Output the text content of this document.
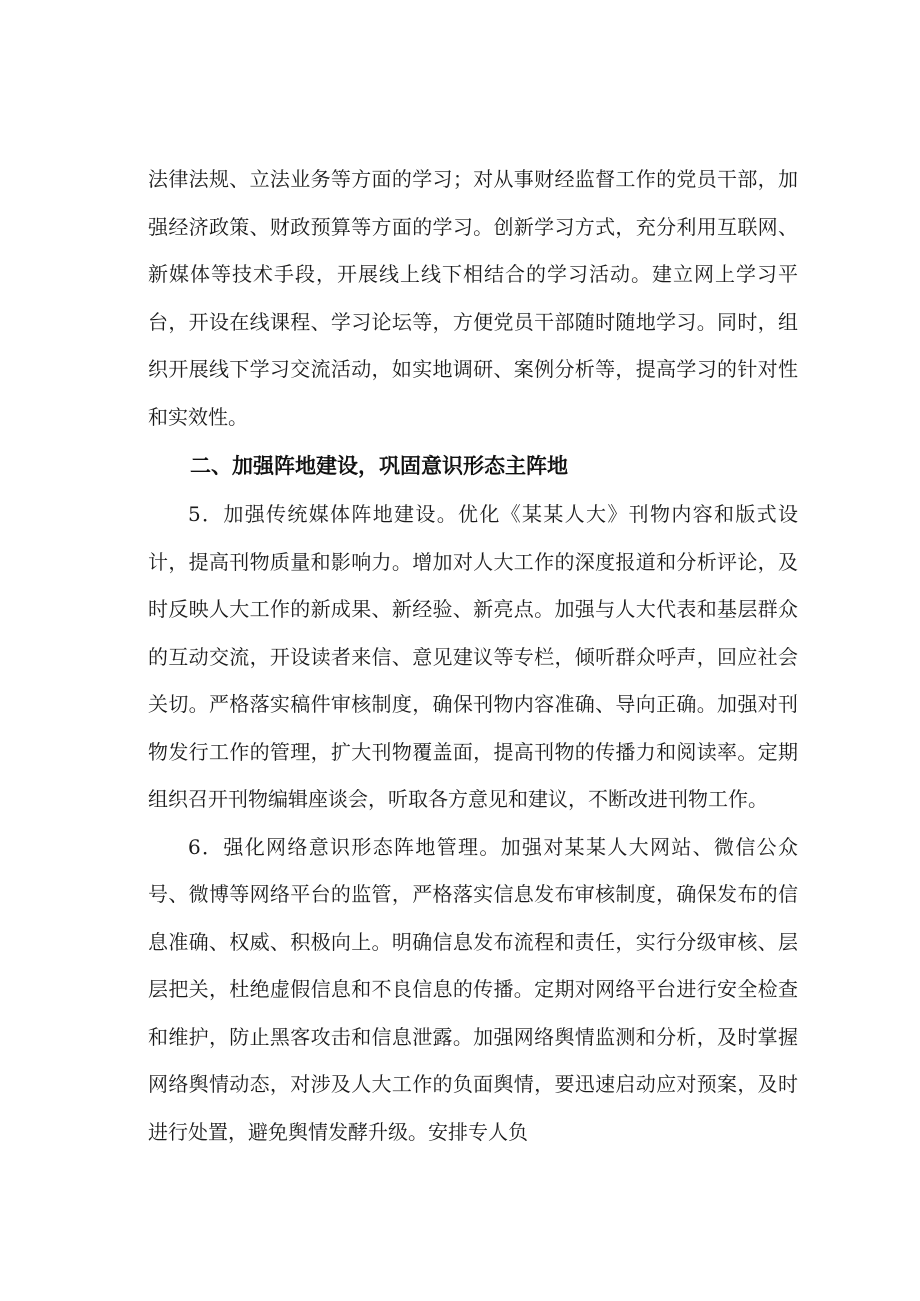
法律法规、立法业务等方面的学习；对从事财经监督工作的党员干部，加强经济政策、财政预算等方面的学习。创新学习方式，充分利用互联网、新媒体等技术手段，开展线上线下相结合的学习活动。建立网上学习平台，开设在线课程、学习论坛等，方便党员干部随时随地学习。同时，组织开展线下学习交流活动，如实地调研、案例分析等，提高学习的针对性和实效性。

二、加强阵地建设，巩固意识形态主阵地

5．加强传统媒体阵地建设。优化《某某人大》刊物内容和版式设计，提高刊物质量和影响力。增加对人大工作的深度报道和分析评论，及时反映人大工作的新成果、新经验、新亮点。加强与人大代表和基层群众的互动交流，开设读者来信、意见建议等专栏，倾听群众呼声，回应社会关切。严格落实稿件审核制度，确保刊物内容准确、导向正确。加强对刊物发行工作的管理，扩大刊物覆盖面，提高刊物的传播力和阅读率。定期组织召开刊物编辑座谈会，听取各方意见和建议，不断改进刊物工作。

6．强化网络意识形态阵地管理。加强对某某人大网站、微信公众号、微博等网络平台的监管，严格落实信息发布审核制度，确保发布的信息准确、权威、积极向上。明确信息发布流程和责任，实行分级审核、层层把关，杜绝虚假信息和不良信息的传播。定期对网络平台进行安全检查和维护，防止黑客攻击和信息泄露。加强网络舆情监测和分析，及时掌握网络舆情动态，对涉及人大工作的负面舆情，要迅速启动应对预案，及时进行处置，避免舆情发酵升级。安排专人负
